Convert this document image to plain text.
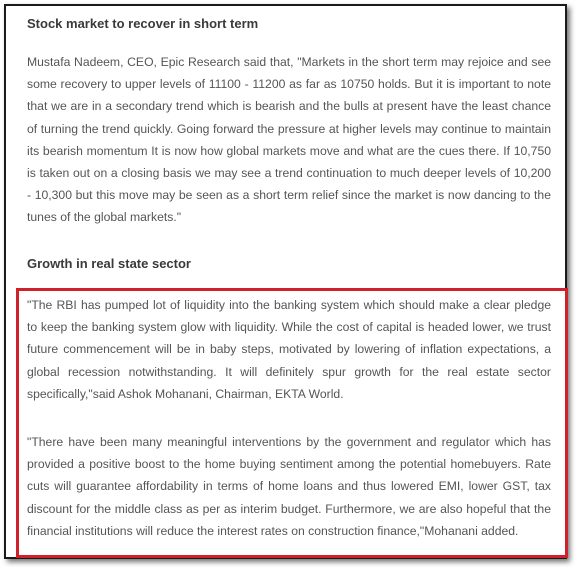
Stock market to recover in short term

Mustafa Nadeem, CEO, Epic Research said that, "Markets in the short term may rejoice and see some recovery to upper levels of 11100 - 11200 as far as 10750 holds. But it is important to note that we are in a secondary trend which is bearish and the bulls at present have the least chance of turning the trend quickly. Going forward the pressure at higher levels may continue to maintain its bearish momentum It is now how global markets move and what are the cues there. If 10,750 is taken out on a closing basis we may see a trend continuation to much deeper levels of 10,200 - 10,300 but this move may be seen as a short term relief since the market is now dancing to the tunes of the global markets."

Growth in real state sector

"The RBI has pumped lot of liquidity into the banking system which should make a clear pledge to keep the banking system glow with liquidity. While the cost of capital is headed lower, we trust future commencement will be in baby steps, motivated by lowering of inflation expectations, a global recession notwithstanding. It will definitely spur growth for the real estate sector specifically,"said Ashok Mohanani, Chairman, EKTA World.

"There have been many meaningful interventions by the government and regulator which has provided a positive boost to the home buying sentiment among the potential homebuyers. Rate cuts will guarantee affordability in terms of home loans and thus lowered EMI, lower GST, tax discount for the middle class as per as interim budget. Furthermore, we are also hopeful that the financial institutions will reduce the interest rates on construction finance,"Mohanani added.
